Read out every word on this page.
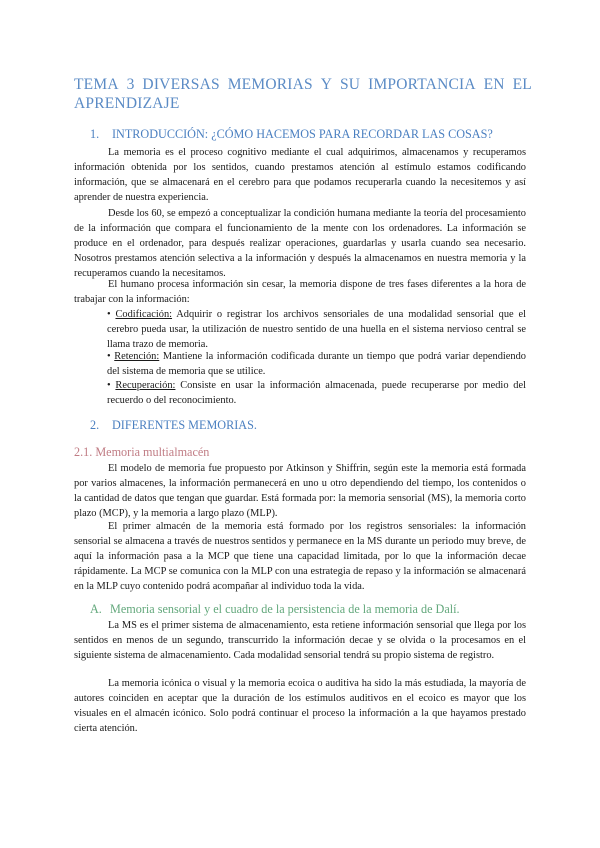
TEMA 3 DIVERSAS MEMORIAS Y SU IMPORTANCIA EN EL
APRENDIZAJE
1. INTRODUCCIÓN: ¿CÓMO HACEMOS PARA RECORDAR LAS COSAS?

La memoria es el proceso cognitivo mediante el cual adquirimos, almacenamos y recuperamos información obtenida por los sentidos, cuando prestamos atención al estímulo estamos codificando información, que se almacenará en el cerebro para que podamos recuperarla cuando la necesitemos y así aprender de nuestra experiencia.

Desde los 60, se empezó a conceptualizar la condición humana mediante la teoría del procesamiento de la información que compara el funcionamiento de la mente con los ordenadores. La información se produce en el ordenador, para después realizar operaciones, guardarlas y usarla cuando sea necesario. Nosotros prestamos atención selectiva a la información y después la almacenamos en nuestra memoria y la recuperamos cuando la necesitamos.

El humano procesa información sin cesar, la memoria dispone de tres fases diferentes a la hora de trabajar con la información:

• Codificación: Adquirir o registrar los archivos sensoriales de una modalidad sensorial que el cerebro pueda usar, la utilización de nuestro sentido de una huella en el sistema nervioso central se llama trazo de memoria.

• Retención: Mantiene la información codificada durante un tiempo que podrá variar dependiendo del sistema de memoria que se utilice.

• Recuperación: Consiste en usar la información almacenada, puede recuperarse por medio del recuerdo o del reconocimiento.

2. DIFERENTES MEMORIAS.
2.1. Memoria multialmacén

El modelo de memoria fue propuesto por Atkinson y Shiffrin, según este la memoria está formada por varios almacenes, la información permanecerá en uno u otro dependiendo del tiempo, los contenidos o la cantidad de datos que tengan que guardar. Está formada por: la memoria sensorial (MS), la memoria corto plazo (MCP), y la memoria a largo plazo (MLP).

El primer almacén de la memoria está formado por los registros sensoriales: la información sensorial se almacena a través de nuestros sentidos y permanece en la MS durante un periodo muy breve, de aquí la información pasa a la MCP que tiene una capacidad limitada, por lo que la información decae rápidamente. La MCP se comunica con la MLP con una estrategia de repaso y la información se almacenará en la MLP cuyo contenido podrá acompañar al individuo toda la vida.

A. Memoria sensorial y el cuadro de la persistencia de la memoria de Dalí.

La MS es el primer sistema de almacenamiento, esta retiene información sensorial que llega por los sentidos en menos de un segundo, transcurrido la información decae y se olvida o la procesamos en el siguiente sistema de almacenamiento. Cada modalidad sensorial tendrá su propio sistema de registro.

La memoria icónica o visual y la memoria ecoica o auditiva ha sido la más estudiada, la mayoría de autores coinciden en aceptar que la duración de los estímulos auditivos en el ecoico es mayor que los visuales en el almacén icónico. Solo podrá continuar el proceso la información a la que hayamos prestado cierta atención.
